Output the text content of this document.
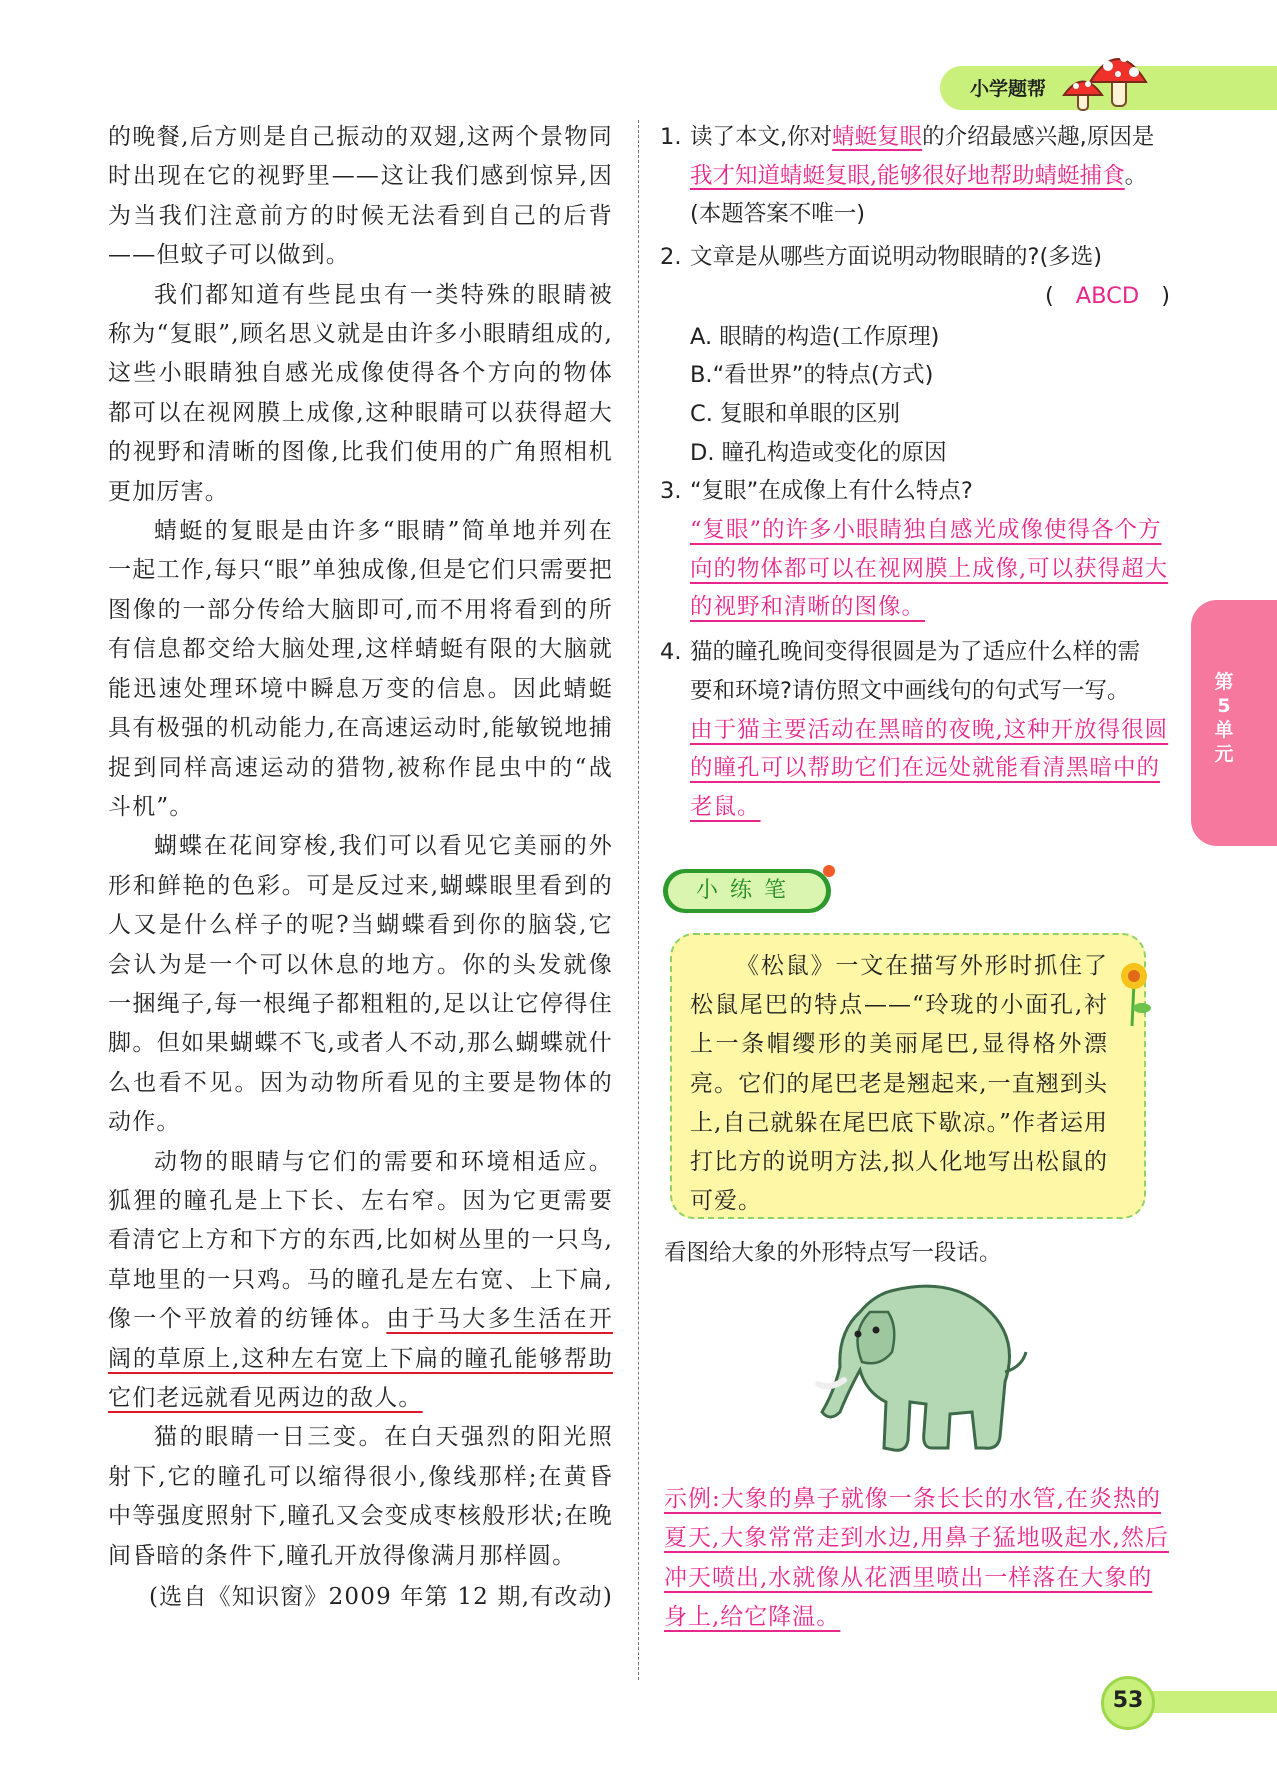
小学题帮

的晚餐,后方则是自己振动的双翅,这两个景物同时出现在它的视野里——这让我们感到惊异,因为当我们注意前方的时候无法看到自己的后背——但蚊子可以做到。

我们都知道有些昆虫有一类特殊的眼睛被称为“复眼”,顾名思义就是由许多小眼睛组成的,这些小眼睛独自感光成像使得各个方向的物体都可以在视网膜上成像,这种眼睛可以获得超大的视野和清晰的图像,比我们使用的广角照相机更加厉害。

蜻蜓的复眼是由许多“眼睛”简单地并列在一起工作,每只“眼”单独成像,但是它们只需要把图像的一部分传给大脑即可,而不用将看到的所有信息都交给大脑处理,这样蜻蜓有限的大脑就能迅速处理环境中瞬息万变的信息。因此蜻蜓具有极强的机动能力,在高速运动时,能敏锐地捕捉到同样高速运动的猎物,被称作昆虫中的“战斗机”。

蝴蝶在花间穿梭,我们可以看见它美丽的外形和鲜艳的色彩。可是反过来,蝴蝶眼里看到的人又是什么样子的呢?当蝴蝶看到你的脑袋,它会认为是一个可以休息的地方。你的头发就像一捆绳子,每一根绳子都粗粗的,足以让它停得住脚。但如果蝴蝶不飞,或者人不动,那么蝴蝶就什么也看不见。因为动物所看见的主要是物体的动作。

动物的眼睛与它们的需要和环境相适应。狐狸的瞳孔是上下长、左右窄。因为它更需要看清它上方和下方的东西,比如树丛里的一只鸟,草地里的一只鸡。马的瞳孔是左右宽、上下扁,像一个平放着的纺锤体。由于马大多生活在开阔的草原上,这种左右宽上下扁的瞳孔能够帮助它们老远就看见两边的敌人。

猫的眼睛一日三变。在白天强烈的阳光照射下,它的瞳孔可以缩得很小,像线那样;在黄昏中等强度照射下,瞳孔又会变成枣核般形状;在晚间昏暗的条件下,瞳孔开放得像满月那样圆。

(选自《知识窗》2009 年第 12 期,有改动)

1. 读了本文,你对蜻蜓复眼的介绍最感兴趣,原因是我才知道蜻蜓复眼,能够很好地帮助蜻蜓捕食。(本题答案不唯一)

2. 文章是从哪些方面说明动物眼睛的?(多选)

( ABCD )

A. 眼睛的构造(工作原理)

B.“看世界”的特点(方式)

C. 复眼和单眼的区别

D. 瞳孔构造或变化的原因

3. “复眼”在成像上有什么特点?

“复眼”的许多小眼睛独自感光成像使得各个方向的物体都可以在视网膜上成像,可以获得超大的视野和清晰的图像。

4. 猫的瞳孔晚间变得很圆是为了适应什么样的需要和环境?请仿照文中画线句的句式写一写。

由于猫主要活动在黑暗的夜晚,这种开放得很圆的瞳孔可以帮助它们在远处就能看清黑暗中的老鼠。

第
5
单
元
小练笔

《松鼠》一文在描写外形时抓住了松鼠尾巴的特点——“玲珑的小面孔,衬上一条帽缨形的美丽尾巴,显得格外漂亮。它们的尾巴老是翘起来,一直翘到头上,自己就躲在尾巴底下歇凉。”作者运用打比方的说明方法,拟人化地写出松鼠的可爱。

看图给大象的外形特点写一段话。
示例:大象的鼻子就像一条长长的水管,在炎热的夏天,大象常常走到水边,用鼻子猛地吸起水,然后冲天喷出,水就像从花洒里喷出一样落在大象的身上,给它降温。
53
